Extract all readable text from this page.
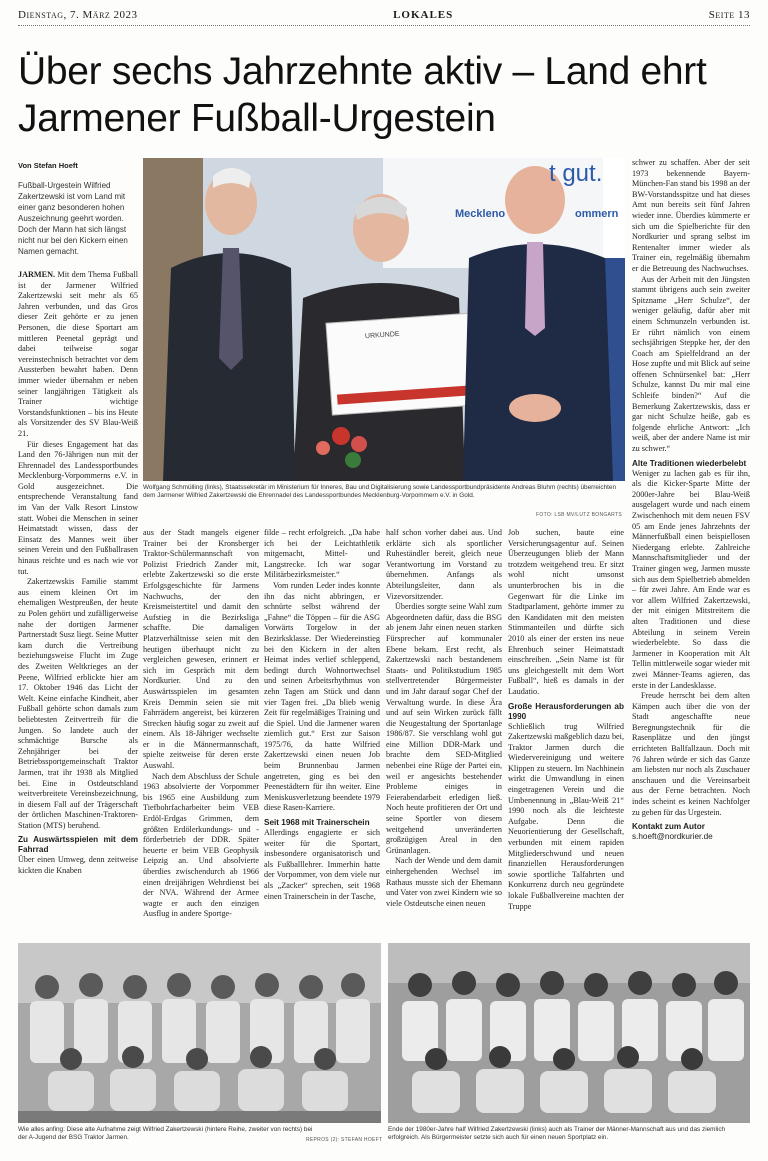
Dienstag, 7. März 2023	LOKALES	Seite 13
Über sechs Jahrzehnte aktiv – Land ehrt Jarmener Fußball-Urgestein
Von Stefan Hoeft
Fußball-Urgestein Wilfried Zakertzewski ist vom Land mit einer ganz besonderen hohen Auszeichnung geehrt worden. Doch der Mann hat sich längst nicht nur bei den Kickern einen Namen gemacht.
t gut.
Meckleno	ommern
URKUNDE
Wolfgang Schmülling (links), Staatssekretär im Ministerium für Inneres, Bau und Digitalisierung sowie Landessportbundpräsidente Andreas Bluhm (rechts) überreichten dem Jarmener Wilfried Zakertzewski die Ehrennadel des Landessportbundes Mecklenburg-Vorpommern e.V. in Gold.
FOTO: LSB MV/LUTZ BONGARTS

JARMEN. Mit dem Thema Fußball ist der Jarmener Wilfried Zakertzewski seit mehr als 65 Jahren verbunden, und das Gros dieser Zeit gehörte er zu jenen Personen, die diese Sportart am mittleren Peenetal geprägt und dabei teilweise sogar vereinstechnisch betrachtet vor dem Aussterben bewahrt haben. Denn immer wieder übernahm er neben seiner langjährigen Tätigkeit als Trainer wichtige Vorstandsfunktionen – bis ins Heute als Vorsitzender des SV Blau-Weiß 21.

Für dieses Engagement hat das Land den 76-Jährigen nun mit der Ehrennadel des Landessportbundes Mecklenburg-Vorpommerns e.V. in Gold ausgezeichnet. Die entsprechende Veranstaltung fand im Van der Valk Resort Linstow statt. Wobei die Menschen in seiner Heimatstadt wissen, dass der Einsatz des Mannes weit über seinen Verein und den Fußballrasen hinaus reichte und es nach wie vor tut.

Zakertzewskis Familie stammt aus einem kleinen Ort im ehemaligen Westpreußen, der heute zu Polen gehört und zufälligerweise nahe der dortigen Jarmener Partnerstadt Susz liegt. Seine Mutter kam durch die Vertreibung beziehungsweise Flucht im Zuge des Zweiten Weltkrieges an der Peene, Wilfried erblickte hier am 17. Oktober 1946 das Licht der Welt. Keine einfache Kindheit, aber Fußball gehörte schon damals zum beliebtesten Zeitvertreib für die Jungen. So landete auch der schmächtige Bursche als Zehnjähriger bei der Betriebssportgemeinschaft Traktor Jarmen, trat ihr 1938 als Mitglied bei. Eine in Ostdeutschland weitverbreitete Vereinsbezeichnung, in diesem Fall auf der Trägerschaft der örtlichen Maschinen-Traktoren-Station (MTS) beruhend.

Zu Auswärtsspielen mit dem Fahrrad

Über einen Umweg, denn zeitweise kickten die Knaben

aus der Stadt mangels eigener Trainer bei der Kronsberger Traktor-Schülermannschaft von Polizist Friedrich Zander mit, erlebte Zakertzewski so die erste Erfolgsgeschichte für Jarmens Nachwuchs, der den Kreismeistertitel und damit den Aufstieg in die Bezirksliga schaffte. Die damaligen Platzverhältnisse seien mit den heutigen überhaupt nicht zu vergleichen gewesen, erinnert er sich im Gespräch mit dem Nordkurier. Und zu den Auswärtsspielen im gesamten Kreis Demmin seien sie mit Fahrrädern angereist, bei kürzeren Strecken häufig sogar zu zweit auf einem. Als 18-Jähriger wechselte er in die Männermannschaft, spielte zeitweise für deren erste Auswahl.

Nach dem Abschluss der Schule 1963 absolvierte der Vorpommer bis 1965 eine Ausbildung zum Tiefbohrfacharbeiter beim VEB Erdöl-Erdgas Grimmen, dem größten Erdölerkundungs- und -förderbetrieb der DDR. Später heuerte er beim VEB Geophysik Leipzig an. Und absolvierte überdies zwischendurch ab 1966 einen dreijährigen Wehrdienst bei der NVA. Während der Armee wagte er auch den einzigen Ausflug in andere Sportge-

filde – recht erfolgreich. „Da habe ich bei der Leichtathletik mitgemacht, Mittel- und Langstrecke. Ich war sogar Militärbezirksmeister.“

Vom runden Leder indes konnte ihn das nicht abbringen, er schnürte selbst während der „Fahne“ die Töppen – für die ASG Vorwärts Torgelow in der Bezirksklasse. Der Wiedereinstieg bei den Kickern in der alten Heimat indes verlief schleppend, bedingt durch Wohnortwechsel und seinen Arbeitsrhythmus von zehn Tagen am Stück und dann vier Tagen frei. „Da blieb wenig Zeit für regelmäßiges Training und die Spiel. Und die Jarmener waren ziemlich gut.“ Erst zur Saison 1975/76, da hatte Wilfried Zakertzewski einen neuen Job beim Brunnenbau Jarmen angetreten, ging es bei den Peenestädtern für ihn weiter. Eine Meniskusverletzung beendete 1979 diese Rasen-Karriere.

Seit 1968 mit Trainerschein

Allerdings engagierte er sich weiter für die Sportart, insbesondere organisatorisch und als Fußballlehrer. Immerhin hatte der Vorpommer, von dem viele nur als „Zacker“ sprechen, seit 1968 einen Trainerschein in der Tasche,

half schon vorher dabei aus. Und erklärte sich als sportlicher Ruheständler bereit, gleich neue Verantwortung im Vorstand zu übernehmen. Anfangs als Abteilungsleiter, dann als Vizevorsitzender.

Überdies sorgte seine Wahl zum Abgeordneten dafür, dass die BSG ab jenem Jahr einen neuen starken Fürsprecher auf kommunaler Ebene bekam. Erst recht, als Zakertzewski nach bestandenem Staats- und Politikstudium 1985 stellvertretender Bürgermeister und im Jahr darauf sogar Chef der Verwaltung wurde. In diese Ära und auf sein Wirken zurück fällt die Neugestaltung der Sportanlage 1986/87. Sie verschlang wohl gut eine Million DDR-Mark und brachte dem SED-Mitglied nebenbei eine Rüge der Partei ein, weil er angesichts bestehender Probleme einiges in Feierabendarbeit erledigen ließ. Noch heute profitieren der Ort und seine Sportler von diesem weitgehend unveränderten großzügigen Areal in den Grünanlagen.

Nach der Wende und dem damit einhergehenden Wechsel im Rathaus musste sich der Ehemann und Vater von zwei Kindern wie so viele Ostdeutsche einen neuen

Job suchen, baute eine Versicherungsagentur auf. Seinen Überzeugungen blieb der Mann trotzdem weitgehend treu. Er sitzt wohl nicht umsonst ununterbrochen bis in die Gegenwart für die Linke im Stadtparlament, gehörte immer zu den Kandidaten mit den meisten Stimmanteilen und dürfte sich 2010 als einer der ersten ins neue Ehrenbuch seiner Heimatstadt einschreiben. „Sein Name ist für uns gleichgestellt mit dem Wort Fußball“, hieß es damals in der Laudatio.

Große Herausforderungen ab 1990

Schließlich trug Wilfried Zakertzewski maßgeblich dazu bei, Traktor Jarmen durch die Wiedervereinigung und weitere Klippen zu steuern. Im Nachhinein wirkt die Umwandlung in einen eingetragenen Verein und die Umbenennung in „Blau-Weiß 21“ 1990 noch als die leichteste Aufgabe. Denn die Neuorientierung der Gesellschaft, verbunden mit einem rapiden Mitgliederschwund und neuen finanziellen Herausforderungen sowie sportliche Talfahrten und Konkurrenz durch neu gegründete lokale Fußballvereine machten der Truppe

schwer zu schaffen. Aber der seit 1973 bekennende Bayern-München-Fan stand bis 1998 an der BW-Vorstandsspitze und hat dieses Amt nun bereits seit fünf Jahren wieder inne. Überdies kümmerte er sich um die Spielberichte für den Nordkurier und sprang selbst im Rentenalter immer wieder als Trainer ein, regelmäßig übernahm er die Betreuung des Nachwuchses.

Aus der Arbeit mit den Jüngsten stammt übrigens auch sein zweiter Spitzname „Herr Schulze“, der weniger geläufig, dafür aber mit einem Schmunzeln verbunden ist. Er rührt nämlich von einem sechsjährigen Steppke her, der den Coach am Spielfeldrand an der Hose zupfte und mit Blick auf seine offenen Schnürsenkel bat: „Herr Schulze, kannst Du mir mal eine Schleife binden?“ Auf die Bemerkung Zakertzewskis, dass er gar nicht Schulze heiße, gab es folgende ehrliche Antwort: „Ich weiß, aber der andere Name ist mir zu schwer.“

Alte Traditionen wiederbelebt

Weniger zu lachen gab es für ihn, als die Kicker-Sparte Mitte der 2000er-Jahre bei Blau-Weiß ausgelagert wurde und nach einem Zwischenhoch mit dem neuen FSV 05 am Ende jenes Jahrzehnts der Männerfußball einen beispiellosen Niedergang erlebte. Zahlreiche Mannschaftsmitglieder und der Trainer gingen weg, Jarmen musste sich aus dem Spielbetrieb abmelden – für zwei Jahre. Am Ende war es vor allem Wilfried Zakertzewski, der mit einigen Mitstreitern die alten Traditionen und diese Abteilung in seinem Verein wiederbelebte. So dass die Jarmener in Kooperation mit Alt Tellin mittlerweile sogar wieder mit zwei Männer-Teams agieren, das erste in der Landesklasse.

Freude herrscht bei dem alten Kämpen auch über die von der Stadt angeschaffte neue Beregnungstechnik für die Rasenplätze und den jüngst errichteten Ballfallzaun. Doch mit 76 Jahren würde er sich das Ganze am liebsten nur noch als Zuschauer anschauen und die Vereinsarbeit aus der Ferne betrachten. Noch indes scheint es keinen Nachfolger zu geben für das Urgestein.

Kontakt zum Autor

s.hoeft@nordkurier.de

Wie alles anfing: Diese alte Aufnahme zeigt Wilfried Zakertzewski (hintere Reihe, zweiter von rechts) bei der A-Jugend der BSG Traktor Jarmen.	REPROS (2): STEFAN HOEFT
Ende der 1980er-Jahre half Wilfried Zakertzewski (links) auch als Trainer der Männer-Mannschaft aus und das ziemlich erfolgreich. Als Bürgermeister setzte sich auch für einen neuen Sportplatz ein.
